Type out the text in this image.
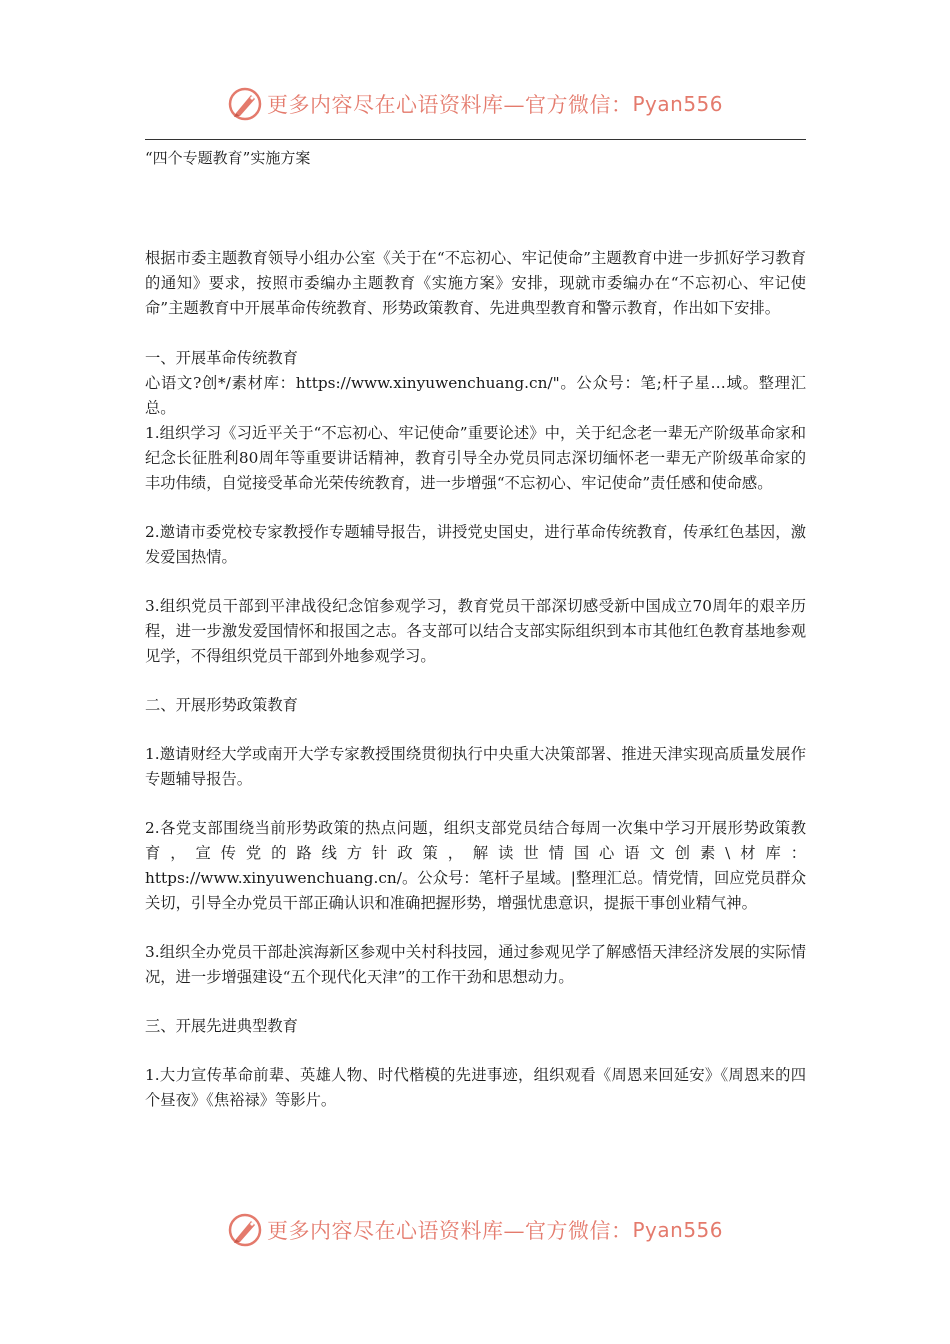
更多内容尽在心语资料库—官方微信： Pyan556
“四个专题教育”实施方案

根据市委主题教育领导小组办公室《关于在“不忘初心、牢记使命”主题教育中进一步抓好学习教育的通知》要求，按照市委编办主题教育《实施方案》安排，现就市委编办在“不忘初心、牢记使命”主题教育中开展革命传统教育、形势政策教育、先进典型教育和警示教育，作出如下安排。

一、开展革命传统教育

心语文?创*/素材库：https://www.xinyuwenchuang.cn/"。公众号：笔;杆子星…域。整理汇总。

1.组织学习《习近平关于“不忘初心、牢记使命”重要论述》中，关于纪念老一辈无产阶级革命家和纪念长征胜利80周年等重要讲话精神，教育引导全办党员同志深切缅怀老一辈无产阶级革命家的丰功伟绩，自觉接受革命光荣传统教育，进一步增强“不忘初心、牢记使命”责任感和使命感。

2.邀请市委党校专家教授作专题辅导报告，讲授党史国史，进行革命传统教育，传承红色基因，激发爱国热情。

3.组织党员干部到平津战役纪念馆参观学习，教育党员干部深切感受新中国成立70周年的艰辛历程，进一步激发爱国情怀和报国之志。各支部可以结合支部实际组织到本市其他红色教育基地参观见学，不得组织党员干部到外地参观学习。

二、开展形势政策教育

1.邀请财经大学或南开大学专家教授围绕贯彻执行中央重大决策部署、推进天津实现高质量发展作专题辅导报告。

2.各党支部围绕当前形势政策的热点问题，组织支部党员结合每周一次集中学习开展形势政策教育，宣传党的路线方针政策，解读世情国心语文创素\材库：https://www.xinyuwenchuang.cn/。公众号：笔杆子星域。|整理汇总。情党情，回应党员群众关切，引导全办党员干部正确认识和准确把握形势，增强忧患意识，提振干事创业精气神。

3.组织全办党员干部赴滨海新区参观中关村科技园，通过参观见学了解感悟天津经济发展的实际情况，进一步增强建设“五个现代化天津”的工作干劲和思想动力。

三、开展先进典型教育

1.大力宣传革命前辈、英雄人物、时代楷模的先进事迹，组织观看《周恩来回延安》《周恩来的四个昼夜》《焦裕禄》等影片。

更多内容尽在心语资料库—官方微信： Pyan556
